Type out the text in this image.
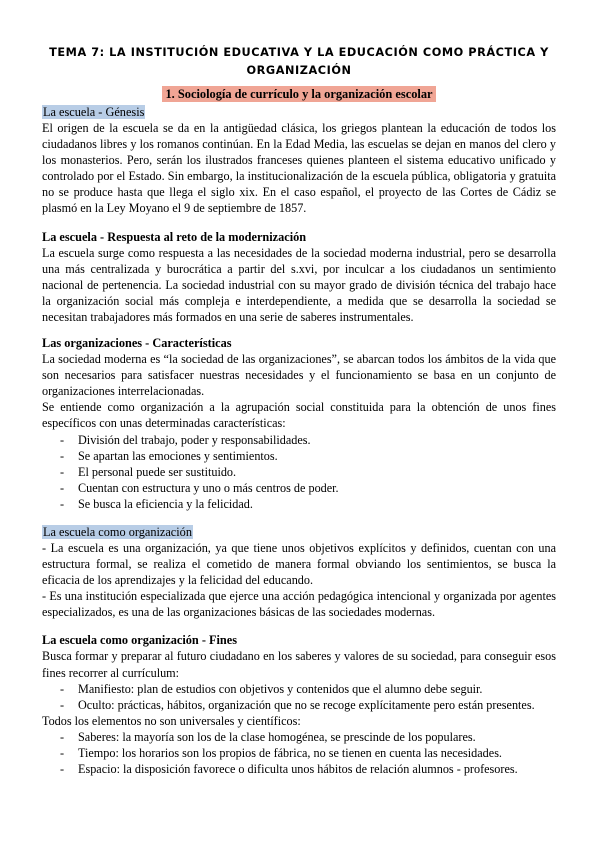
TEMA 7: LA INSTITUCIÓN EDUCATIVA Y LA EDUCACIÓN COMO PRÁCTICA Y
ORGANIZACIÓN
1. Sociología de currículo y la organización escolar
La escuela - Génesis

El origen de la escuela se da en la antigüedad clásica, los griegos plantean la educación de todos los ciudadanos libres y los romanos continúan. En la Edad Media, las escuelas se dejan en manos del clero y los monasterios. Pero, serán los ilustrados franceses quienes planteen el sistema educativo unificado y controlado por el Estado. Sin embargo, la institucionalización de la escuela pública, obligatoria y gratuita no se produce hasta que llega el siglo xix. En el caso español, el proyecto de las Cortes de Cádiz se plasmó en la Ley Moyano el 9 de septiembre de 1857.

La escuela - Respuesta al reto de la modernización

La escuela surge como respuesta a las necesidades de la sociedad moderna industrial, pero se desarrolla una más centralizada y burocrática a partir del s.xvi, por inculcar a los ciudadanos un sentimiento nacional de pertenencia. La sociedad industrial con su mayor grado de división técnica del trabajo hace la organización social más compleja e interdependiente, a medida que se desarrolla la sociedad se necesitan trabajadores más formados en una serie de saberes instrumentales.

Las organizaciones - Características

La sociedad moderna es “la sociedad de las organizaciones”, se abarcan todos los ámbitos de la vida que son necesarios para satisfacer nuestras necesidades y el funcionamiento se basa en un conjunto de organizaciones interrelacionadas.

Se entiende como organización a la agrupación social constituida para la obtención de unos fines específicos con unas determinadas características:

- División del trabajo, poder y responsabilidades.
- Se apartan las emociones y sentimientos.
- El personal puede ser sustituido.
- Cuentan con estructura y uno o más centros de poder.
- Se busca la eficiencia y la felicidad.
La escuela como organización

- La escuela es una organización, ya que tiene unos objetivos explícitos y definidos, cuentan con una estructura formal, se realiza el cometido de manera formal obviando los sentimientos, se busca la eficacia de los aprendizajes y la felicidad del educando.

- Es una institución especializada que ejerce una acción pedagógica intencional y organizada por agentes especializados, es una de las organizaciones básicas de las sociedades modernas.

La escuela como organización - Fines

Busca formar y preparar al futuro ciudadano en los saberes y valores de su sociedad, para conseguir esos fines recorrer al currículum:

- Manifiesto: plan de estudios con objetivos y contenidos que el alumno debe seguir.
- Oculto: prácticas, hábitos, organización que no se recoge explícitamente pero están presentes.

Todos los elementos no son universales y científicos:

- Saberes: la mayoría son los de la clase homogénea, se prescinde de los populares.
- Tiempo: los horarios son los propios de fábrica, no se tienen en cuenta las necesidades.
- Espacio: la disposición favorece o dificulta unos hábitos de relación alumnos - profesores.
